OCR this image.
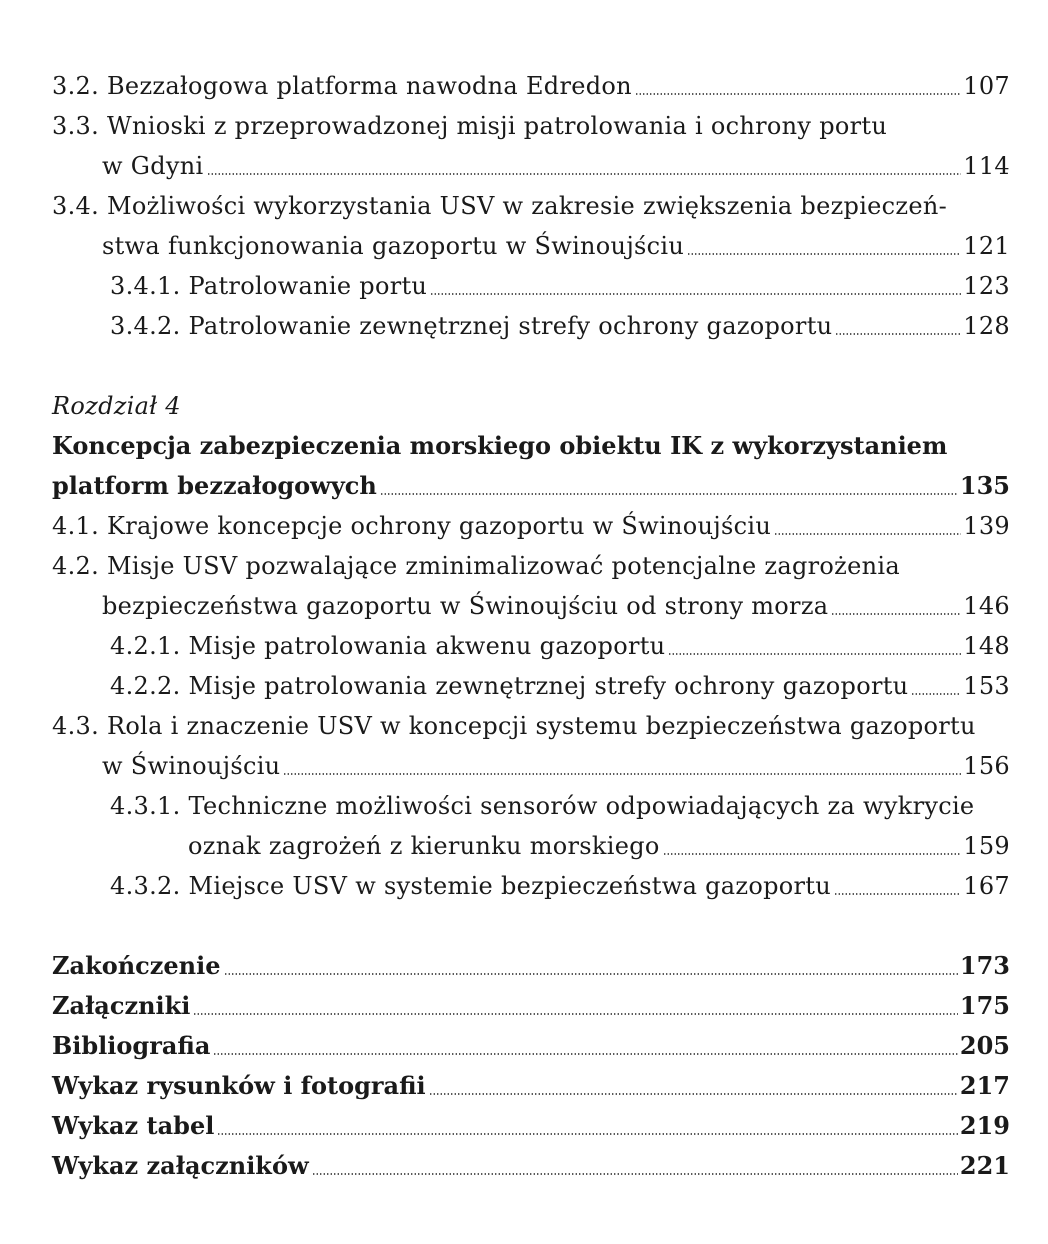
3.2. Bezzałogowa platforma nawodna Edredon	107
3.3. Wnioski z przeprowadzonej misji patrolowania i ochrony portu
w Gdyni	114
3.4. Możliwości wykorzystania USV w zakresie zwiększenia bezpieczeń-
stwa funkcjonowania gazoportu w Świnoujściu	121
3.4.1. Patrolowanie portu	123
3.4.2. Patrolowanie zewnętrznej strefy ochrony gazoportu	128
Rozdział 4
Koncepcja zabezpieczenia morskiego obiektu IK z wykorzystaniem
platform bezzałogowych	135
4.1. Krajowe koncepcje ochrony gazoportu w Świnoujściu	139
4.2. Misje USV pozwalające zminimalizować potencjalne zagrożenia
bezpieczeństwa gazoportu w Świnoujściu od strony morza	146
4.2.1. Misje patrolowania akwenu gazoportu	148
4.2.2. Misje patrolowania zewnętrznej strefy ochrony gazoportu 153
4.3. Rola i znaczenie USV w koncepcji systemu bezpieczeństwa gazoportu
w Świnoujściu	156
4.3.1. Techniczne możliwości sensorów odpowiadających za wykrycie
oznak zagrożeń z kierunku morskiego	159
4.3.2. Miejsce USV w systemie bezpieczeństwa gazoportu	167
Zakończenie	173
Załączniki	175
Bibliografia	205
Wykaz rysunków i fotografii	217
Wykaz tabel	219
Wykaz załączników	221
